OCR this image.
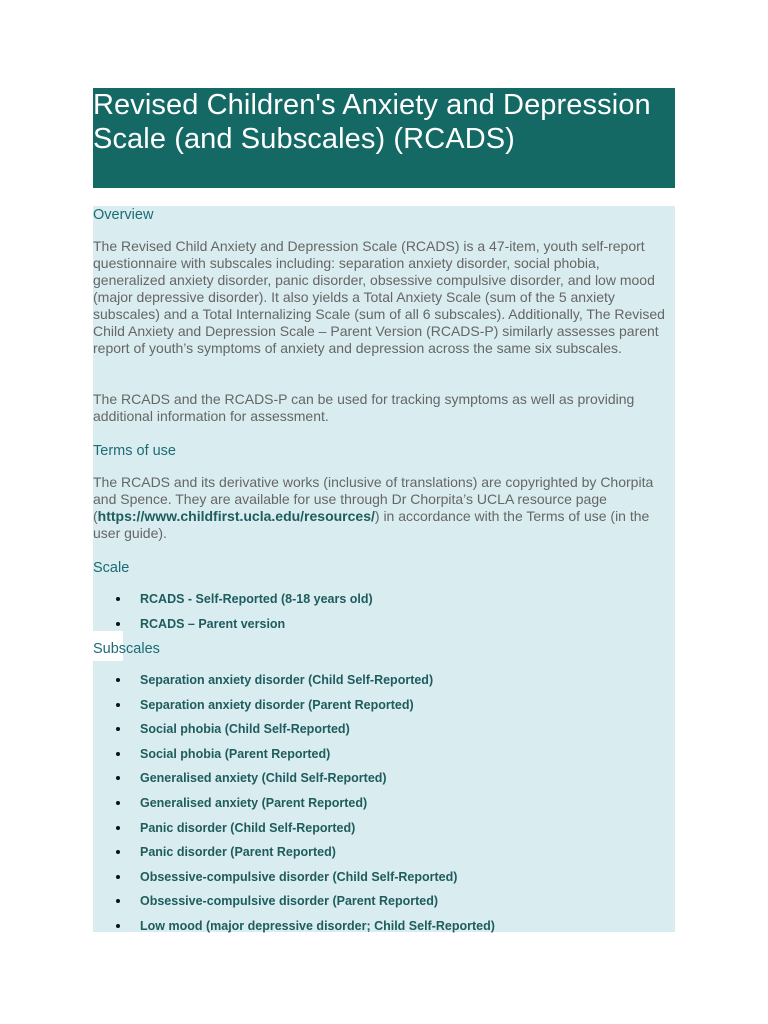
Revised Children's Anxiety and Depression Scale (and Subscales) (RCADS)

Overview

The Revised Child Anxiety and Depression Scale (RCADS) is a 47-item, youth self-report questionnaire with subscales including: separation anxiety disorder, social phobia, generalized anxiety disorder, panic disorder, obsessive compulsive disorder, and low mood (major depressive disorder). It also yields a Total Anxiety Scale (sum of the 5 anxiety subscales) and a Total Internalizing Scale (sum of all 6 subscales). Additionally, The Revised Child Anxiety and Depression Scale – Parent Version (RCADS-P) similarly assesses parent report of youth’s symptoms of anxiety and depression across the same six subscales.

The RCADS and the RCADS-P can be used for tracking symptoms as well as providing additional information for assessment.

Terms of use

The RCADS and its derivative works (inclusive of translations) are copyrighted by Chorpita and Spence. They are available for use through Dr Chorpita’s UCLA resource page (https://www.childfirst.ucla.edu/resources/) in accordance with the Terms of use (in the user guide).

Scale

RCADS - Self-Reported (8-18 years old)
RCADS – Parent version

Subscales

Separation anxiety disorder (Child Self-Reported)
Separation anxiety disorder (Parent Reported)
Social phobia (Child Self-Reported)
Social phobia (Parent Reported)
Generalised anxiety (Child Self-Reported)
Generalised anxiety (Parent Reported)
Panic disorder (Child Self-Reported)
Panic disorder (Parent Reported)
Obsessive-compulsive disorder (Child Self-Reported)
Obsessive-compulsive disorder (Parent Reported)
Low mood (major depressive disorder; Child Self-Reported)
